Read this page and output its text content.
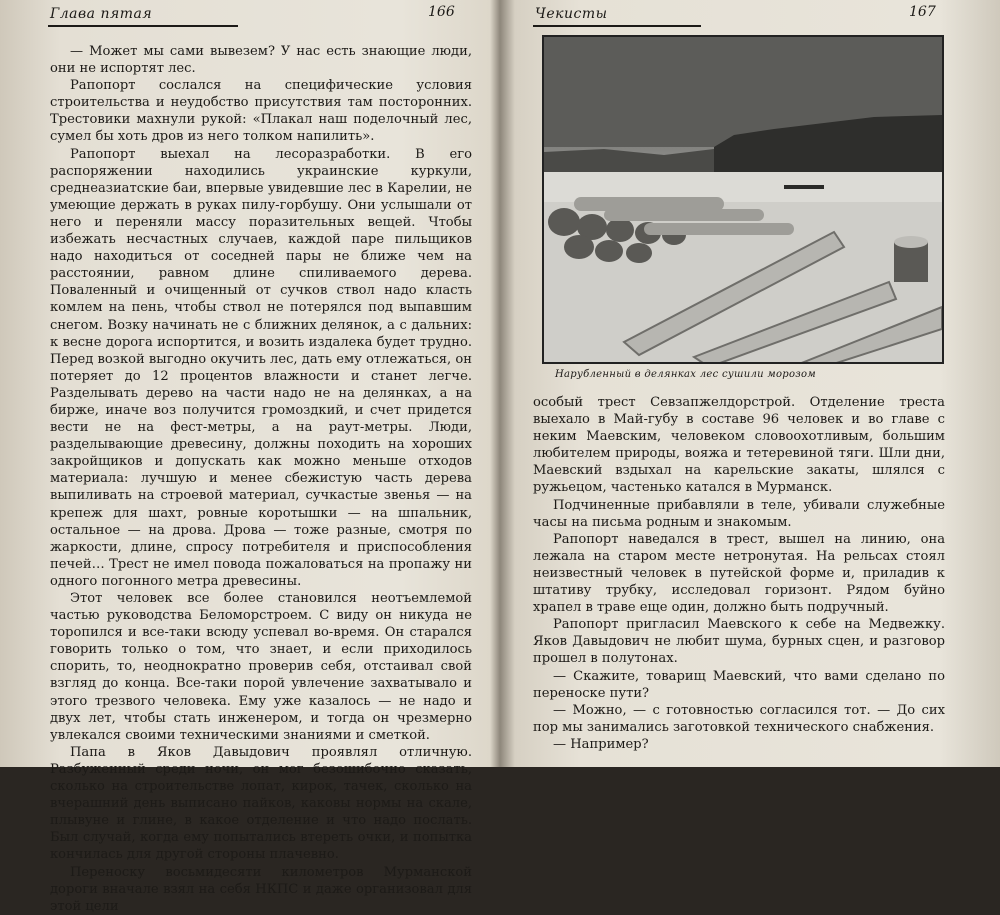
Глава пятая	166

— Может мы сами вывезем? У нас есть знающие люди, они не испортят лес.

Рапопорт сослался на специфические условия строительства и неудобство присутствия там посторонних. Трестовики махнули рукой: «Плакал наш поделочный лес, сумел бы хоть дров из него толком напилить».

Рапопорт выехал на лесоразработки. В его распоряжении находились украинские куркули, среднеазиатские баи, впервые увидевшие лес в Карелии, не умеющие держать в руках пилу-горбушу. Они услышали от него и переняли массу поразительных вещей. Чтобы избежать несчастных случаев, каждой паре пильщиков надо находиться от соседней пары не ближе чем на расстоянии, равном длине спиливаемого дерева. Поваленный и очищенный от сучков ствол надо класть комлем на пень, чтобы ствол не потерялся под выпавшим снегом. Возку начинать не с ближних делянок, а с дальних: к весне дорога испортится, и возить издалека будет трудно. Перед возкой выгодно окучить лес, дать ему отлежаться, он потеряет до 12 процентов влажности и станет легче. Разделывать дерево на части надо не на делянках, а на бирже, иначе воз получится громоздкий, и счет придется вести не на фест-метры, а на раут-метры. Люди, разделывающие древесину, должны походить на хороших закройщиков и допускать как можно меньше отходов материала: лучшую и менее сбежистую часть дерева выпиливать на строевой материал, сучкастые звенья — на крепеж для шахт, ровные коротышки — на шпальник, остальное — на дрова. Дрова — тоже разные, смотря по жаркости, длине, спросу потребителя и приспособления печей… Трест не имел повода пожаловаться на пропажу ни одного погонного метра древесины.

Этот человек все более становился неотъемлемой частью руководства Беломорстроем. С виду он никуда не торопился и все-таки всюду успевал во-время. Он старался говорить только о том, что знает, и если приходилось спорить, то, неоднократно проверив себя, отстаивал свой взгляд до конца. Все-таки порой увлечение захватывало и этого трезвого человека. Ему уже казалось — не надо и двух лет, чтобы стать инженером, и тогда он чрезмерно увлекался своими техническими знаниями и сметкой.

Папа в Яков Давыдович проявлял отличную. Разбуженный среди ночи, он мог безошибочно сказать, сколько на строительстве лопат, кирок, тачек, сколько на вчерашний день выписано пайков, каковы нормы на скале, плывуне и глине, в какое отделение и что надо послать. Был случай, когда ему попытались втереть очки, и попытка кончилась для другой стороны плачевно.

Переноску восьмидесяти километров Мурманской дороги вначале взял на себя НКПС и даже организовал для этой цели

Чекисты	167
Нарубленный в делянках лес сушили морозом

особый трест Севзапжелдорстрой. Отделение треста выехало в Май-губу в составе 96 человек и во главе с неким Маевским, человеком словоохотливым, большим любителем природы, вояжа и тетеревиной тяги. Шли дни, Маевский вздыхал на карельские закаты, шлялся с ружьецом, частенько катался в Мурманск.

Подчиненные прибавляли в теле, убивали служебные часы на письма родным и знакомым.

Рапопорт наведался в трест, вышел на линию, она лежала на старом месте нетронутая. На рельсах стоял неизвестный человек в путейской форме и, приладив к штативу трубку, исследовал горизонт. Рядом буйно храпел в траве еще один, должно быть подручный.

Рапопорт пригласил Маевского к себе на Медвежку. Яков Давыдович не любит шума, бурных сцен, и разговор прошел в полутонах.

— Скажите, товарищ Маевский, что вами сделано по переноске пути?

— Можно, — с готовностью согласился тот. — До сих пор мы занимались заготовкой технического снабжения.

— Например?
